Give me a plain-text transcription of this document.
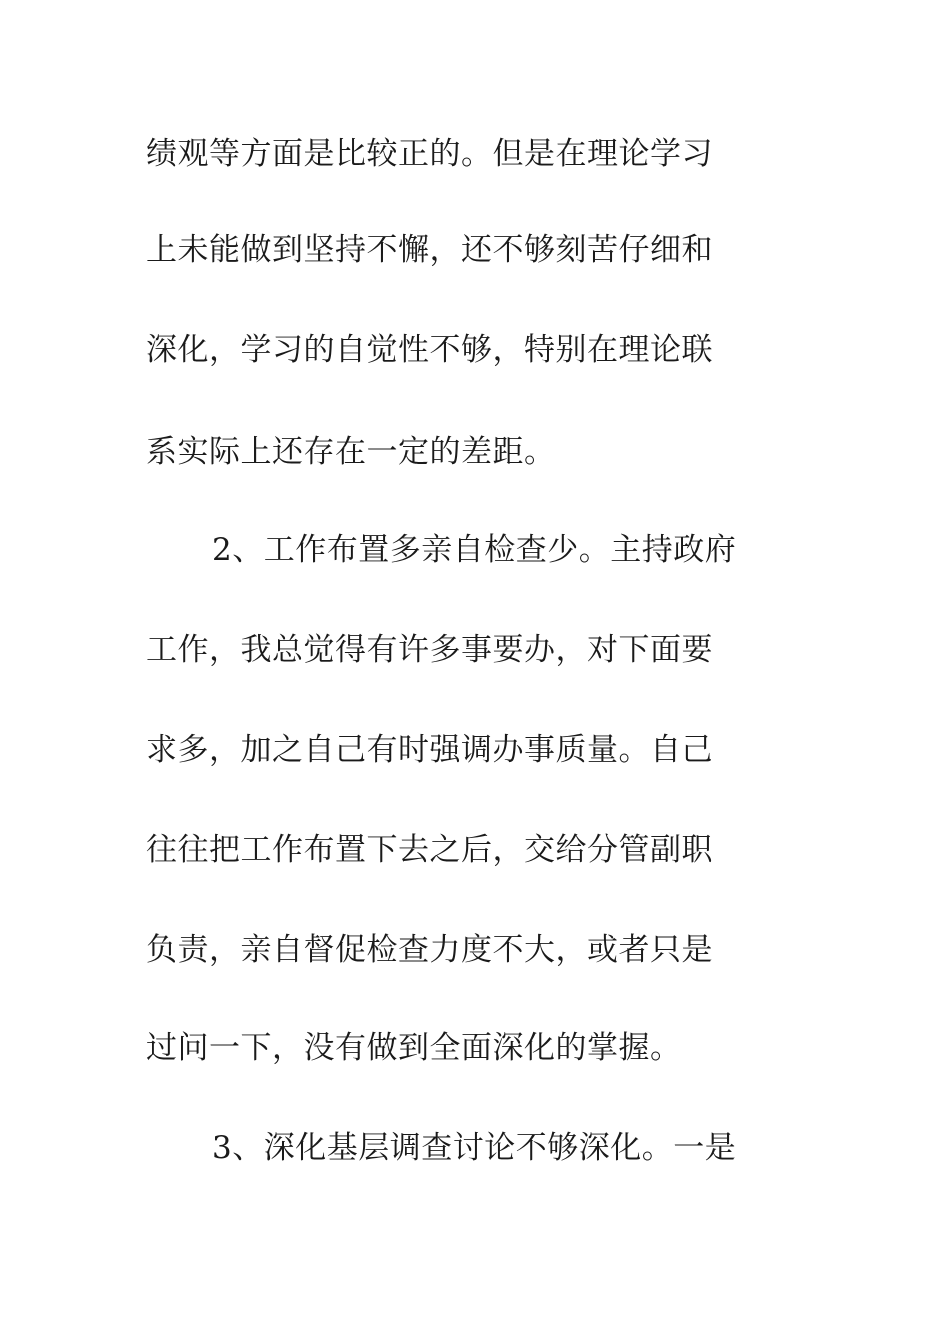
绩观等方面是比较正的。但是在理论学习
上未能做到坚持不懈，还不够刻苦仔细和
深化，学习的自觉性不够，特别在理论联
系实际上还存在一定的差距。
2、工作布置多亲自检查少。主持政府
工作，我总觉得有许多事要办，对下面要
求多，加之自己有时强调办事质量。自己
往往把工作布置下去之后，交给分管副职
负责，亲自督促检查力度不大，或者只是
过问一下，没有做到全面深化的掌握。
3、深化基层调查讨论不够深化。一是
